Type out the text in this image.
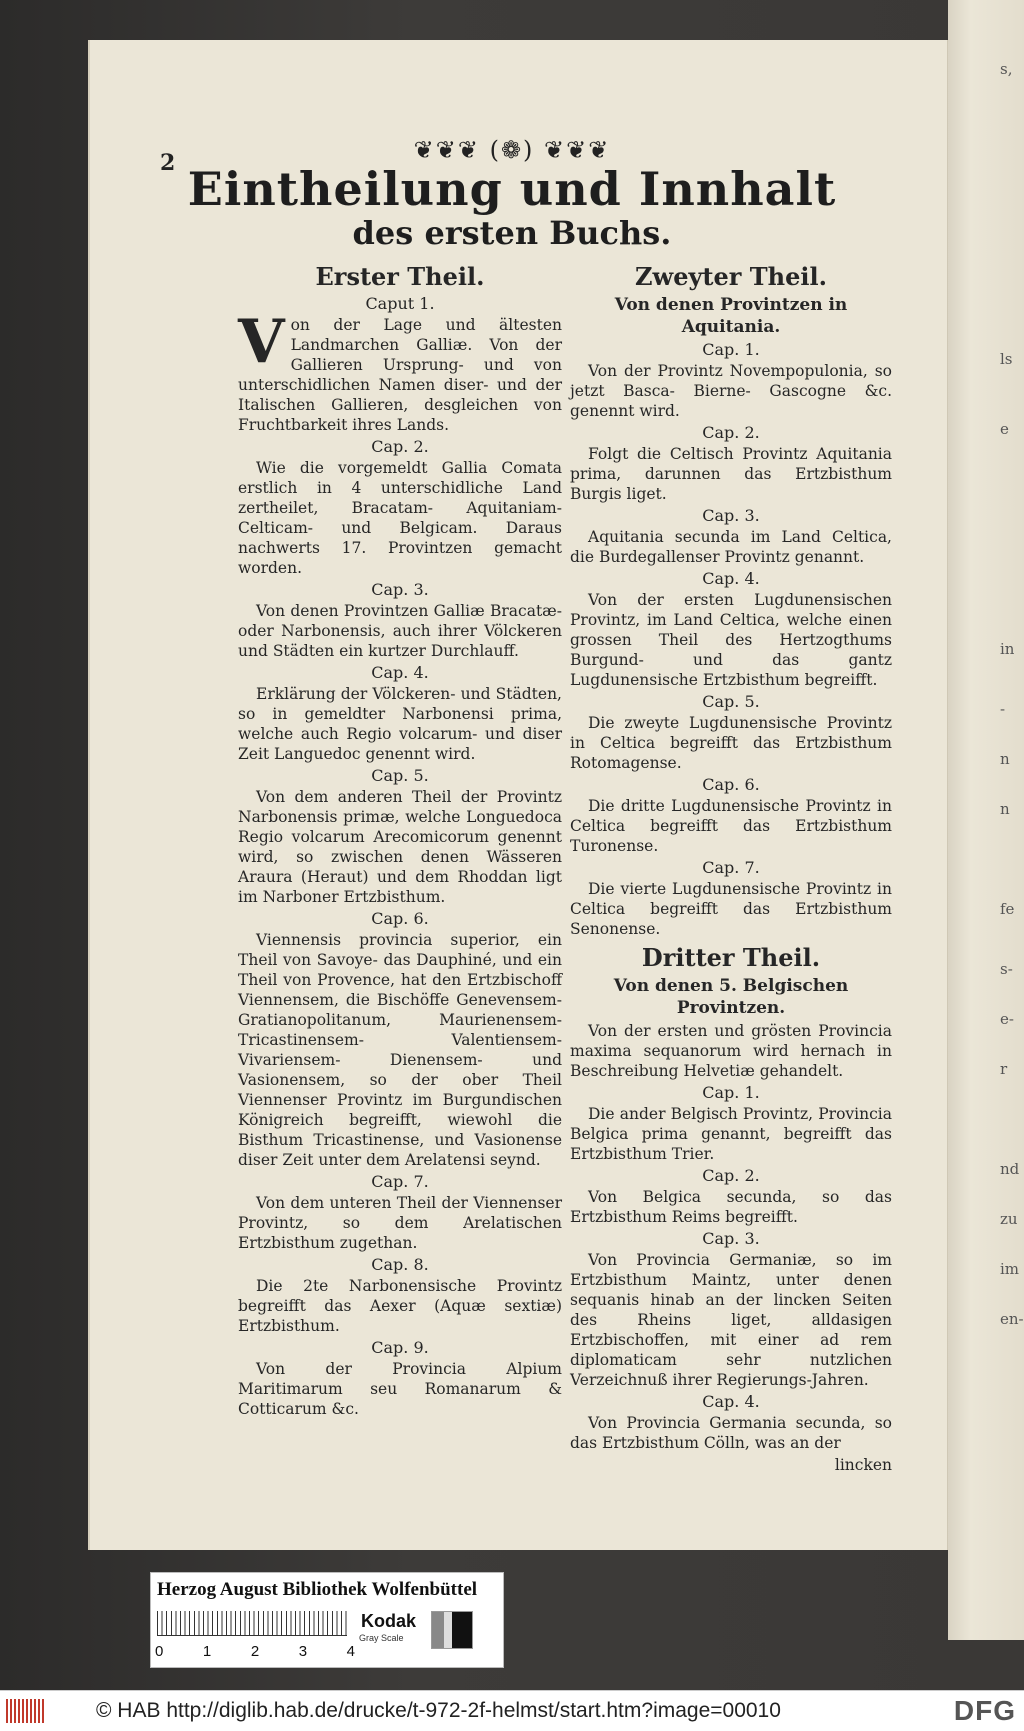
s,
ls
e
in
-
n
n
fe
s-
e-
r
nd
zu
im
en-
2	❦❦❦ (❁) ❦❦❦
Eintheilung und Innhalt
des ersten Buchs.
Erster Theil.
Caput 1.
Von der Lage und ältesten Landmarchen Galliæ. Von der Gallieren Ursprung- und von unterschidlichen Namen diser- und der Italischen Gallieren, desgleichen von Fruchtbarkeit ihres Lands.
Cap. 2.
Wie die vorgemeldt Gallia Comata erstlich in 4 unterschidliche Land zertheilet, Bracatam- Aquitaniam- Celticam- und Belgicam. Daraus nachwerts 17. Provintzen gemacht worden.
Cap. 3.
Von denen Provintzen Galliæ Bracatæ- oder Narbonensis, auch ihrer Völckeren und Städten ein kurtzer Durchlauff.
Cap. 4.
Erklärung der Völckeren- und Städten, so in gemeldter Narbonensi prima, welche auch Regio volcarum- und diser Zeit Languedoc genennt wird.
Cap. 5.
Von dem anderen Theil der Provintz Narbonensis primæ, welche Longuedoca Regio volcarum Arecomicorum genennt wird, so zwischen denen Wässeren Araura (Heraut) und dem Rhoddan ligt im Narboner Ertzbisthum.
Cap. 6.
Viennensis provincia superior, ein Theil von Savoye- das Dauphiné, und ein Theil von Provence, hat den Ertzbischoff Viennensem, die Bischöffe Genevensem- Gratianopolitanum, Maurienensem- Tricastinensem- Valentiensem- Vivariensem- Dienensem- und Vasionensem, so der ober Theil Viennenser Provintz im Burgundischen Königreich begreifft, wiewohl die Bisthum Tricastinense, und Vasionense diser Zeit unter dem Arelatensi seynd.
Cap. 7.
Von dem unteren Theil der Viennenser Provintz, so dem Arelatischen Ertzbisthum zugethan.
Cap. 8.
Die 2te Narbonensische Provintz begreifft das Aexer (Aquæ sextiæ) Ertzbisthum.
Cap. 9.
Von der Provincia Alpium Maritimarum seu Romanarum & Cotticarum &c.
Zweyter Theil.
Von denen Provintzen in Aquitania.
Cap. 1.
Von der Provintz Novempopulonia, so jetzt Basca- Bierne- Gascogne &c. genennt wird.
Cap. 2.
Folgt die Celtisch Provintz Aquitania prima, darunnen das Ertzbisthum Burgis liget.
Cap. 3.
Aquitania secunda im Land Celtica, die Burdegallenser Provintz genannt.
Cap. 4.
Von der ersten Lugdunensischen Provintz, im Land Celtica, welche einen grossen Theil des Hertzogthums Burgund- und das gantz Lugdunensische Ertzbisthum begreifft.
Cap. 5.
Die zweyte Lugdunensische Provintz in Celtica begreifft das Ertzbisthum Rotomagense.
Cap. 6.
Die dritte Lugdunensische Provintz in Celtica begreifft das Ertzbisthum Turonense.
Cap. 7.
Die vierte Lugdunensische Provintz in Celtica begreifft das Ertzbisthum Senonense.
Dritter Theil.
Von denen 5. Belgischen Provintzen.
Von der ersten und grösten Provincia maxima sequanorum wird hernach in Beschreibung Helvetiæ gehandelt.
Cap. 1.
Die ander Belgisch Provintz, Provincia Belgica prima genannt, begreifft das Ertzbisthum Trier.
Cap. 2.
Von Belgica secunda, so das Ertzbisthum Reims begreifft.
Cap. 3.
Von Provincia Germaniæ, so im Ertzbisthum Maintz, unter denen sequanis hinab an der lincken Seiten des Rheins liget, alldasigen Ertzbischoffen, mit einer ad rem diplomaticam sehr nutzlichen Verzeichnuß ihrer Regierungs-Jahren.
Cap. 4.
Von Provincia Germania secunda, so das Ertzbisthum Cölln, was an der
lincken
Herzog August Bibliothek Wolfenbüttel
0	1	2	3	4
Kodak
Gray Scale
© HAB http://diglib.hab.de/drucke/t-972-2f-helmst/start.htm?image=00010	DFG
